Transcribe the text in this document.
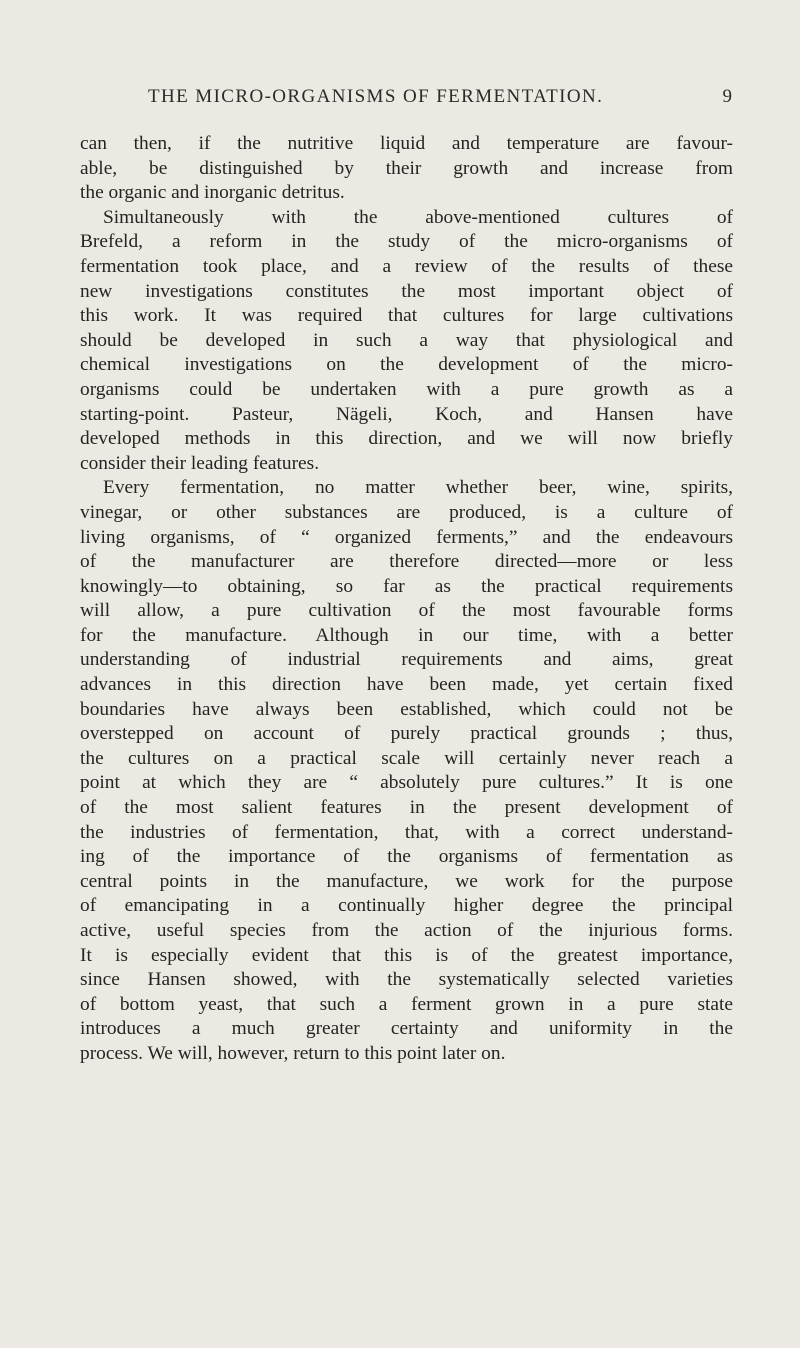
THE MICRO-ORGANISMS OF FERMENTATION.	9
can then, if the nutritive liquid and temperature are favour-
able, be distinguished by their growth and increase from
the organic and inorganic detritus.
Simultaneously with the above-mentioned cultures of
Brefeld, a reform in the study of the micro-organisms of
fermentation took place, and a review of the results of these
new investigations constitutes the most important object of
this work. It was required that cultures for large cultivations
should be developed in such a way that physiological and
chemical investigations on the development of the micro-
organisms could be undertaken with a pure growth as a
starting-point. Pasteur, Nägeli, Koch, and Hansen have
developed methods in this direction, and we will now briefly
consider their leading features.
Every fermentation, no matter whether beer, wine, spirits,
vinegar, or other substances are produced, is a culture of
living organisms, of “ organized ferments,” and the endeavours
of the manufacturer are therefore directed—more or less
knowingly—to obtaining, so far as the practical requirements
will allow, a pure cultivation of the most favourable forms
for the manufacture. Although in our time, with a better
understanding of industrial requirements and aims, great
advances in this direction have been made, yet certain fixed
boundaries have always been established, which could not be
overstepped on account of purely practical grounds ; thus,
the cultures on a practical scale will certainly never reach a
point at which they are “ absolutely pure cultures.” It is one
of the most salient features in the present development of
the industries of fermentation, that, with a correct understand-
ing of the importance of the organisms of fermentation as
central points in the manufacture, we work for the purpose
of emancipating in a continually higher degree the principal
active, useful species from the action of the injurious forms.
It is especially evident that this is of the greatest importance,
since Hansen showed, with the systematically selected varieties
of bottom yeast, that such a ferment grown in a pure state
introduces a much greater certainty and uniformity in the
process. We will, however, return to this point later on.
